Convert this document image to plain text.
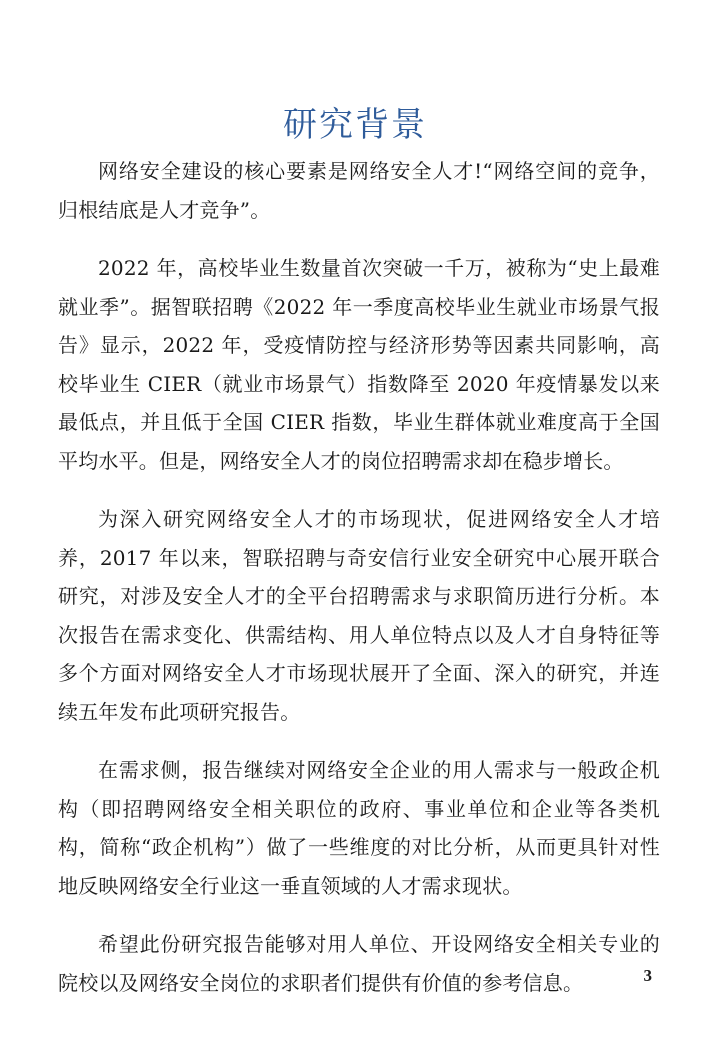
研究背景

网络安全建设的核心要素是网络安全人才!“网络空间的竞争，归根结底是人才竞争”。

2022 年，高校毕业生数量首次突破一千万，被称为“史上最难就业季”。据智联招聘《2022 年一季度高校毕业生就业市场景气报告》显示，2022 年，受疫情防控与经济形势等因素共同影响，高校毕业生 CIER（就业市场景气）指数降至 2020 年疫情暴发以来最低点，并且低于全国 CIER 指数，毕业生群体就业难度高于全国平均水平。但是，网络安全人才的岗位招聘需求却在稳步增长。

为深入研究网络安全人才的市场现状，促进网络安全人才培养，2017 年以来，智联招聘与奇安信行业安全研究中心展开联合研究，对涉及安全人才的全平台招聘需求与求职简历进行分析。本次报告在需求变化、供需结构、用人单位特点以及人才自身特征等多个方面对网络安全人才市场现状展开了全面、深入的研究，并连续五年发布此项研究报告。

在需求侧，报告继续对网络安全企业的用人需求与一般政企机构（即招聘网络安全相关职位的政府、事业单位和企业等各类机构，简称“政企机构”）做了一些维度的对比分析，从而更具针对性地反映网络安全行业这一垂直领域的人才需求现状。

希望此份研究报告能够对用人单位、开设网络安全相关专业的院校以及网络安全岗位的求职者们提供有价值的参考信息。	3
